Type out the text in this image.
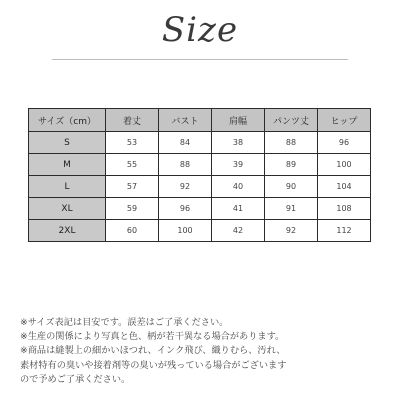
Size
サイズ（cm）	着丈	バスト	肩幅	パンツ丈	ヒップ
S	53	84	38	88	96
M	55	88	39	89	100
L	57	92	40	90	104
XL	59	96	41	91	108
2XL	60	100	42	92	112
※サイズ表記は目安です。誤差はご了承ください。
※生産の関係により写真と色、柄が若干異なる場合があります。
※商品は縫製上の細かいほつれ、インク飛び、織りむら、汚れ、
素材特有の臭いや接着剤等の臭いが残っている場合がございます
ので予めご了承ください。
